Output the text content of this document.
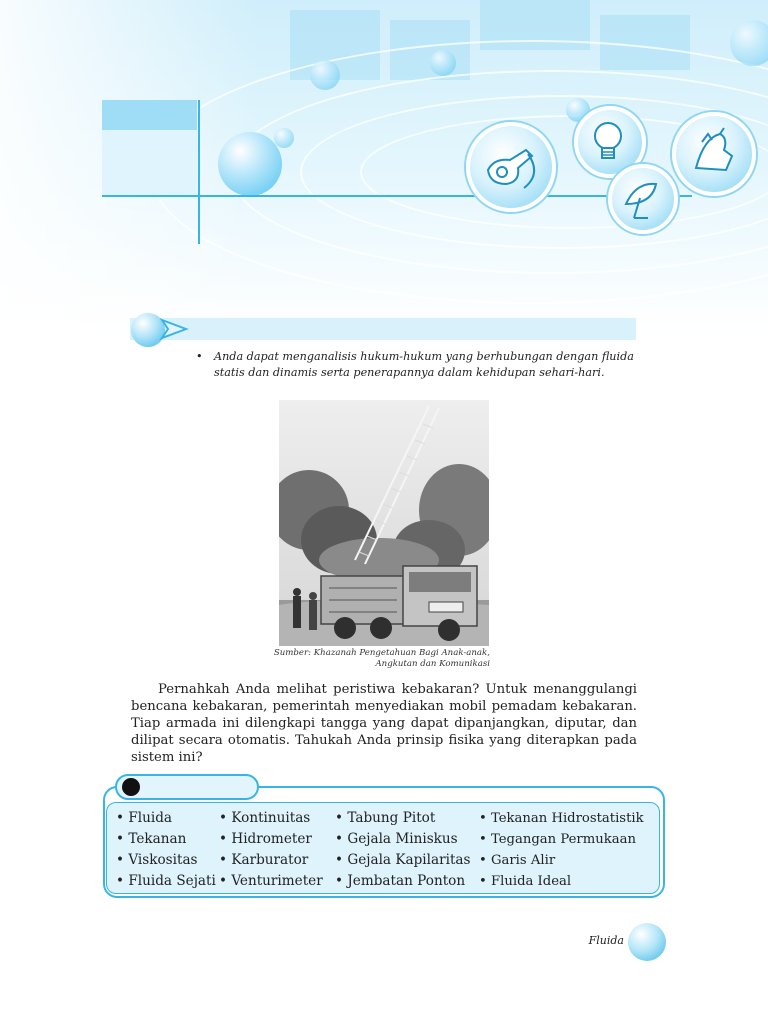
• Anda dapat menganalisis hukum-hukum yang berhubungan dengan fluida statis dan dinamis serta penerapannya dalam kehidupan sehari-hari.
Sumber: Khazanah Pengetahuan Bagi Anak-anak,
Angkutan dan Komunikasi

Pernahkah Anda melihat peristiwa kebakaran? Untuk menanggulangi bencana kebakaran, pemerintah menyediakan mobil pemadam kebakaran. Tiap armada ini dilengkapi tangga yang dapat dipanjangkan, diputar, dan dilipat secara otomatis. Tahukah Anda prinsip fisika yang diterapkan pada sistem ini?

• Fluida
• Tekanan
• Viskositas
• Fluida Sejati
• Kontinuitas
• Hidrometer
• Karburator
• Venturimeter
• Tabung Pitot
• Gejala Miniskus
• Gejala Kapilaritas
• Jembatan Ponton
• Tekanan Hidrostatistik
• Tegangan Permukaan
• Garis Alir
• Fluida Ideal
Fluida
